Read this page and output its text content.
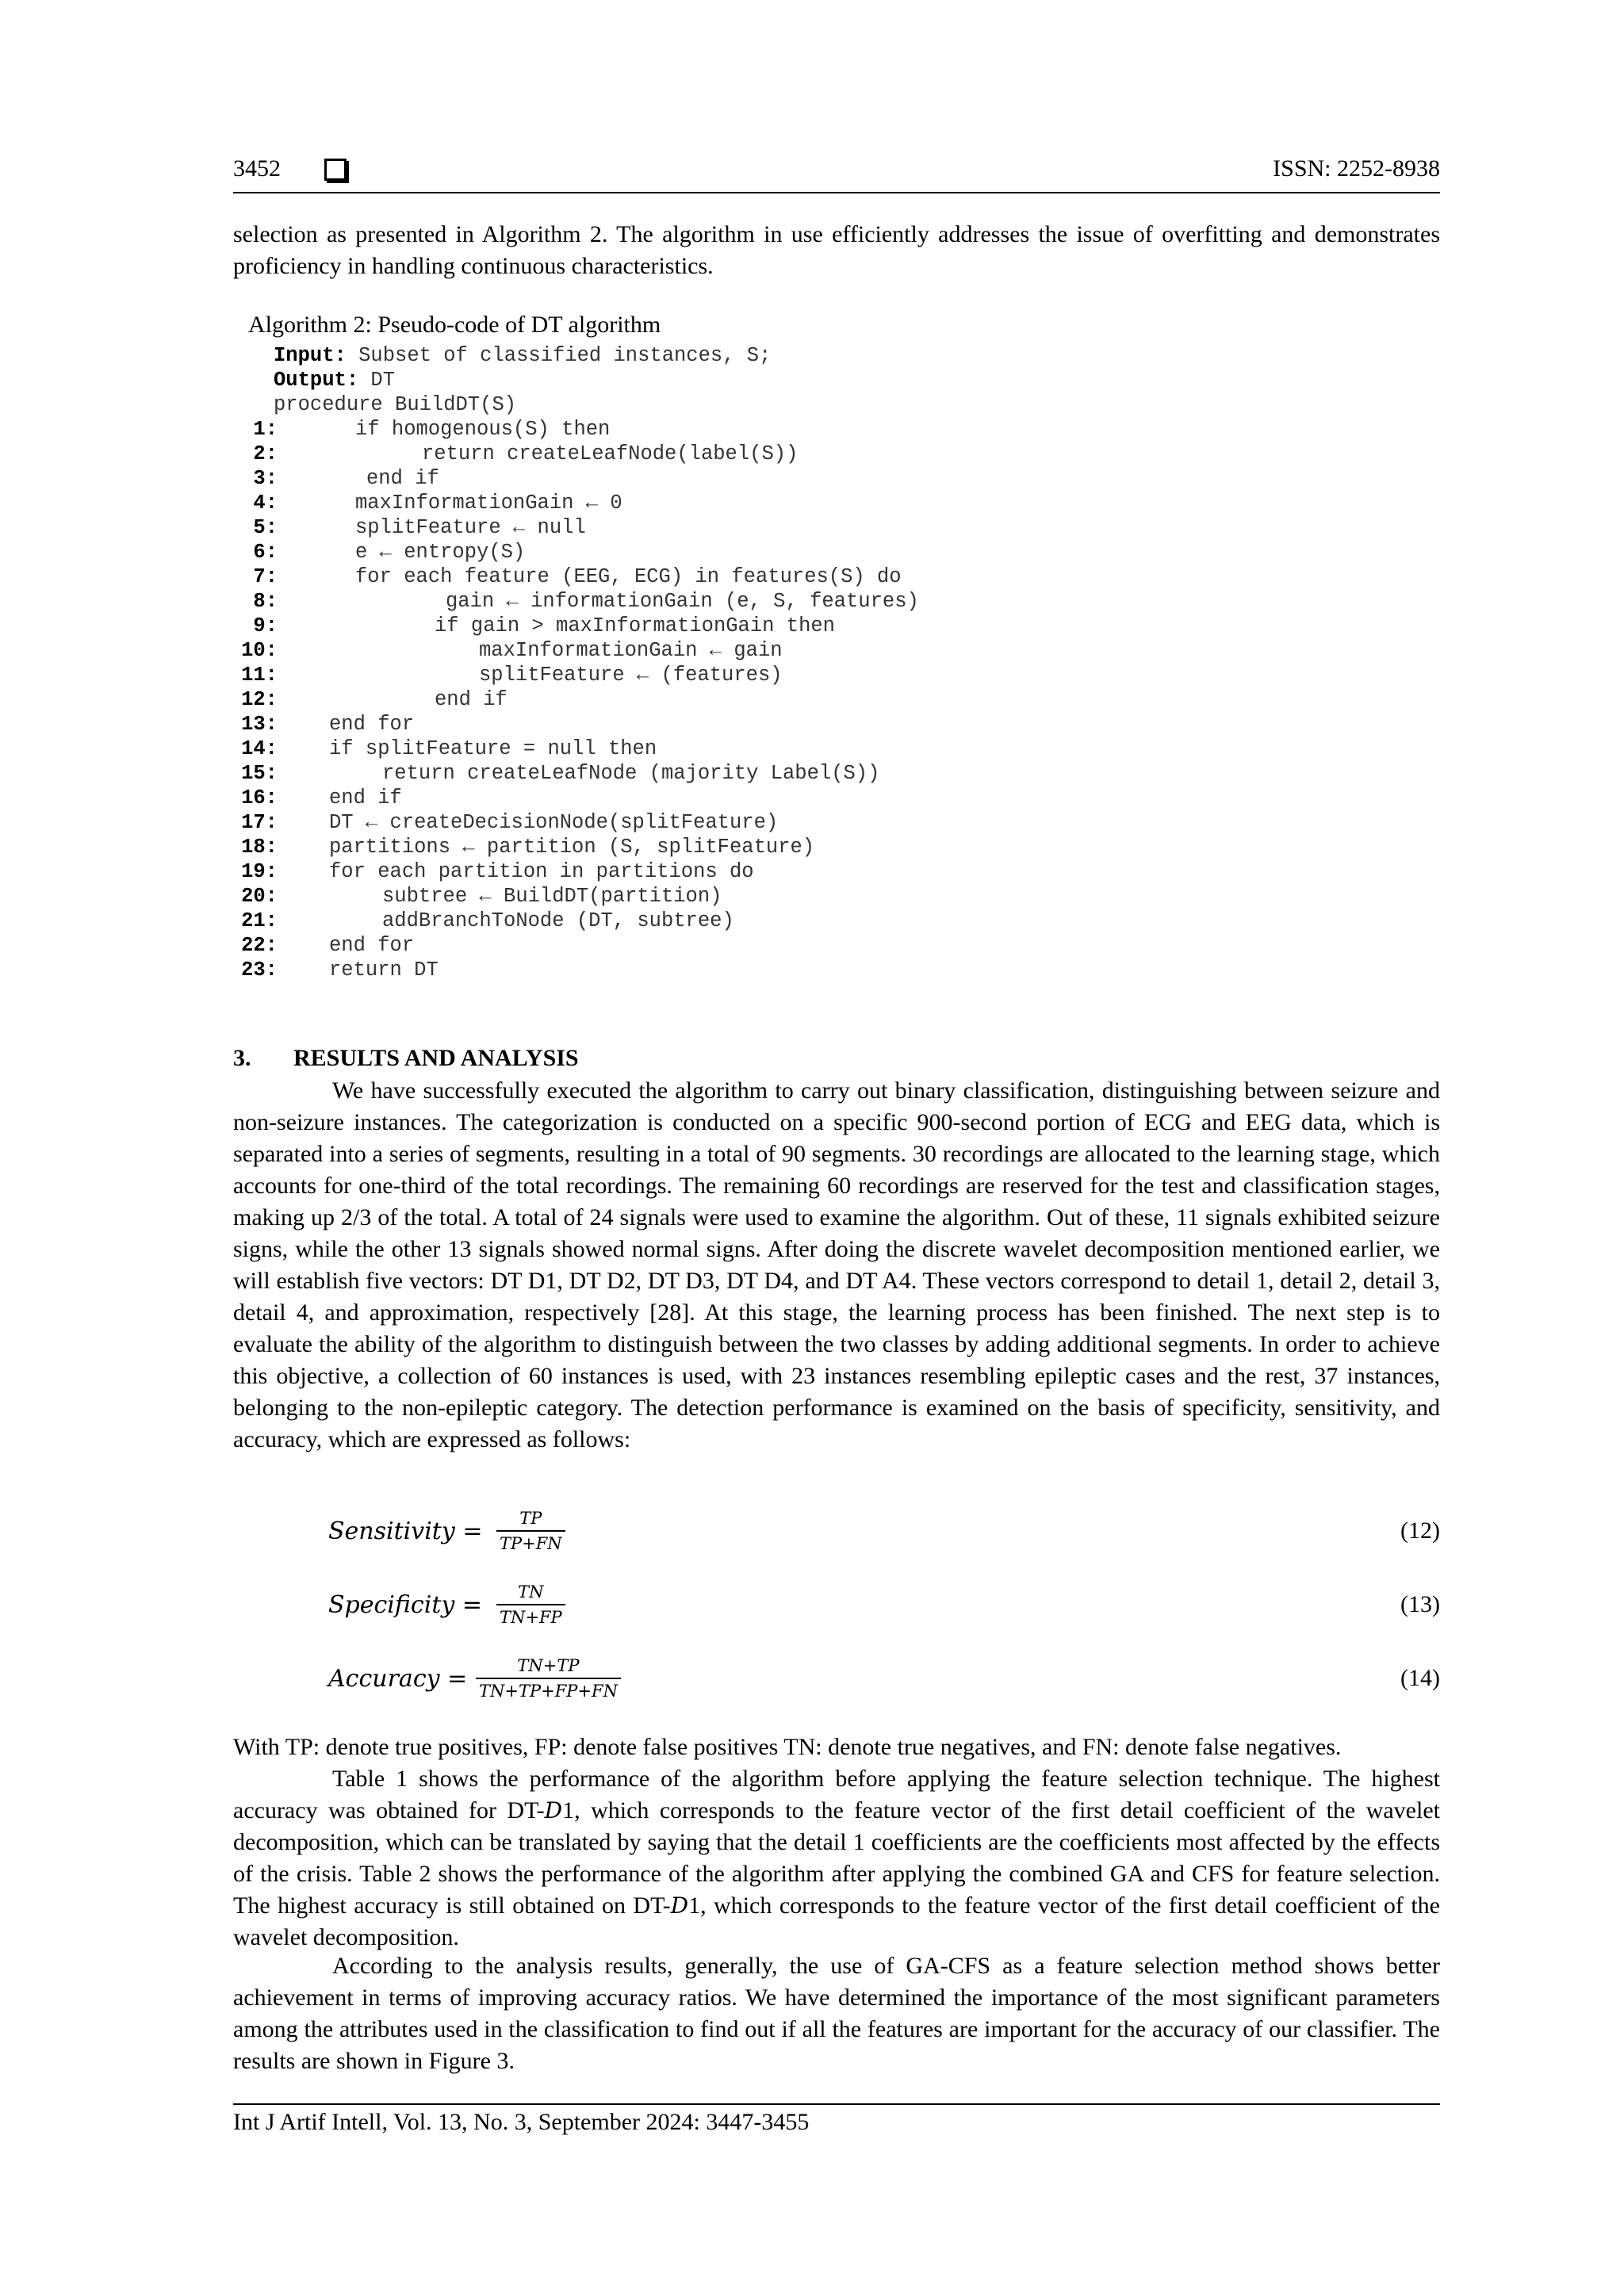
3452	ISSN: 2252-8938
selection as presented in Algorithm 2. The algorithm in use efficiently addresses the issue of overfitting and demonstrates proficiency in handling continuous characteristics.
Algorithm 2: Pseudo-code of DT algorithm
Input: Subset of classified instances, S;
Output: DT
procedure BuildDT(S)
1:	if homogenous(S) then
2:	return createLeafNode(label(S))
3:	end if
4:	maxInformationGain ← 0
5:	splitFeature ← null
6:	e ← entropy(S)
7:	for each feature (EEG, ECG) in features(S) do
8:	gain ← informationGain (e, S, features)
9:	if gain > maxInformationGain then
10:	maxInformationGain ← gain
11:	splitFeature ← (features)
12:	end if
13:	end for
14:	if splitFeature = null then
15:	return createLeafNode (majority Label(S))
16:	end if
17:	DT ← createDecisionNode(splitFeature)
18:	partitions ← partition (S, splitFeature)
19:	for each partition in partitions do
20:	subtree ← BuildDT(partition)
21:	addBranchToNode (DT, subtree)
22:	end for
23:	return DT
3. RESULTS AND ANALYSIS
We have successfully executed the algorithm to carry out binary classification, distinguishing between seizure and non-seizure instances. The categorization is conducted on a specific 900-second portion of ECG and EEG data, which is separated into a series of segments, resulting in a total of 90 segments. 30 recordings are allocated to the learning stage, which accounts for one-third of the total recordings. The remaining 60 recordings are reserved for the test and classification stages, making up 2/3 of the total. A total of 24 signals were used to examine the algorithm. Out of these, 11 signals exhibited seizure signs, while the other 13 signals showed normal signs. After doing the discrete wavelet decomposition mentioned earlier, we will establish five vectors: DT D1, DT D2, DT D3, DT D4, and DT A4. These vectors correspond to detail 1, detail 2, detail 3, detail 4, and approximation, respectively [28]. At this stage, the learning process has been finished. The next step is to evaluate the ability of the algorithm to distinguish between the two classes by adding additional segments. In order to achieve this objective, a collection of 60 instances is used, with 23 instances resembling epileptic cases and the rest, 37 instances, belonging to the non-epileptic category. The detection performance is examined on the basis of specificity, sensitivity, and accuracy, which are expressed as follows:
Sensitivity = $\frac{TP}{TP+FN}$	(12)
Specificity = $\frac{TN}{TN+FP}$	(13)
Accuracy = $\frac{TN+TP}{TN+TP+FP+FN}$	(14)
With TP: denote true positives, FP: denote false positives TN: denote true negatives, and FN: denote false negatives.
Table 1 shows the performance of the algorithm before applying the feature selection technique. The highest accuracy was obtained for DT-D1, which corresponds to the feature vector of the first detail coefficient of the wavelet decomposition, which can be translated by saying that the detail 1 coefficients are the coefficients most affected by the effects of the crisis. Table 2 shows the performance of the algorithm after applying the combined GA and CFS for feature selection. The highest accuracy is still obtained on DT-D1, which corresponds to the feature vector of the first detail coefficient of the wavelet decomposition.
According to the analysis results, generally, the use of GA-CFS as a feature selection method shows better achievement in terms of improving accuracy ratios. We have determined the importance of the most significant parameters among the attributes used in the classification to find out if all the features are important for the accuracy of our classifier. The results are shown in Figure 3.
Int J Artif Intell, Vol. 13, No. 3, September 2024: 3447-3455
